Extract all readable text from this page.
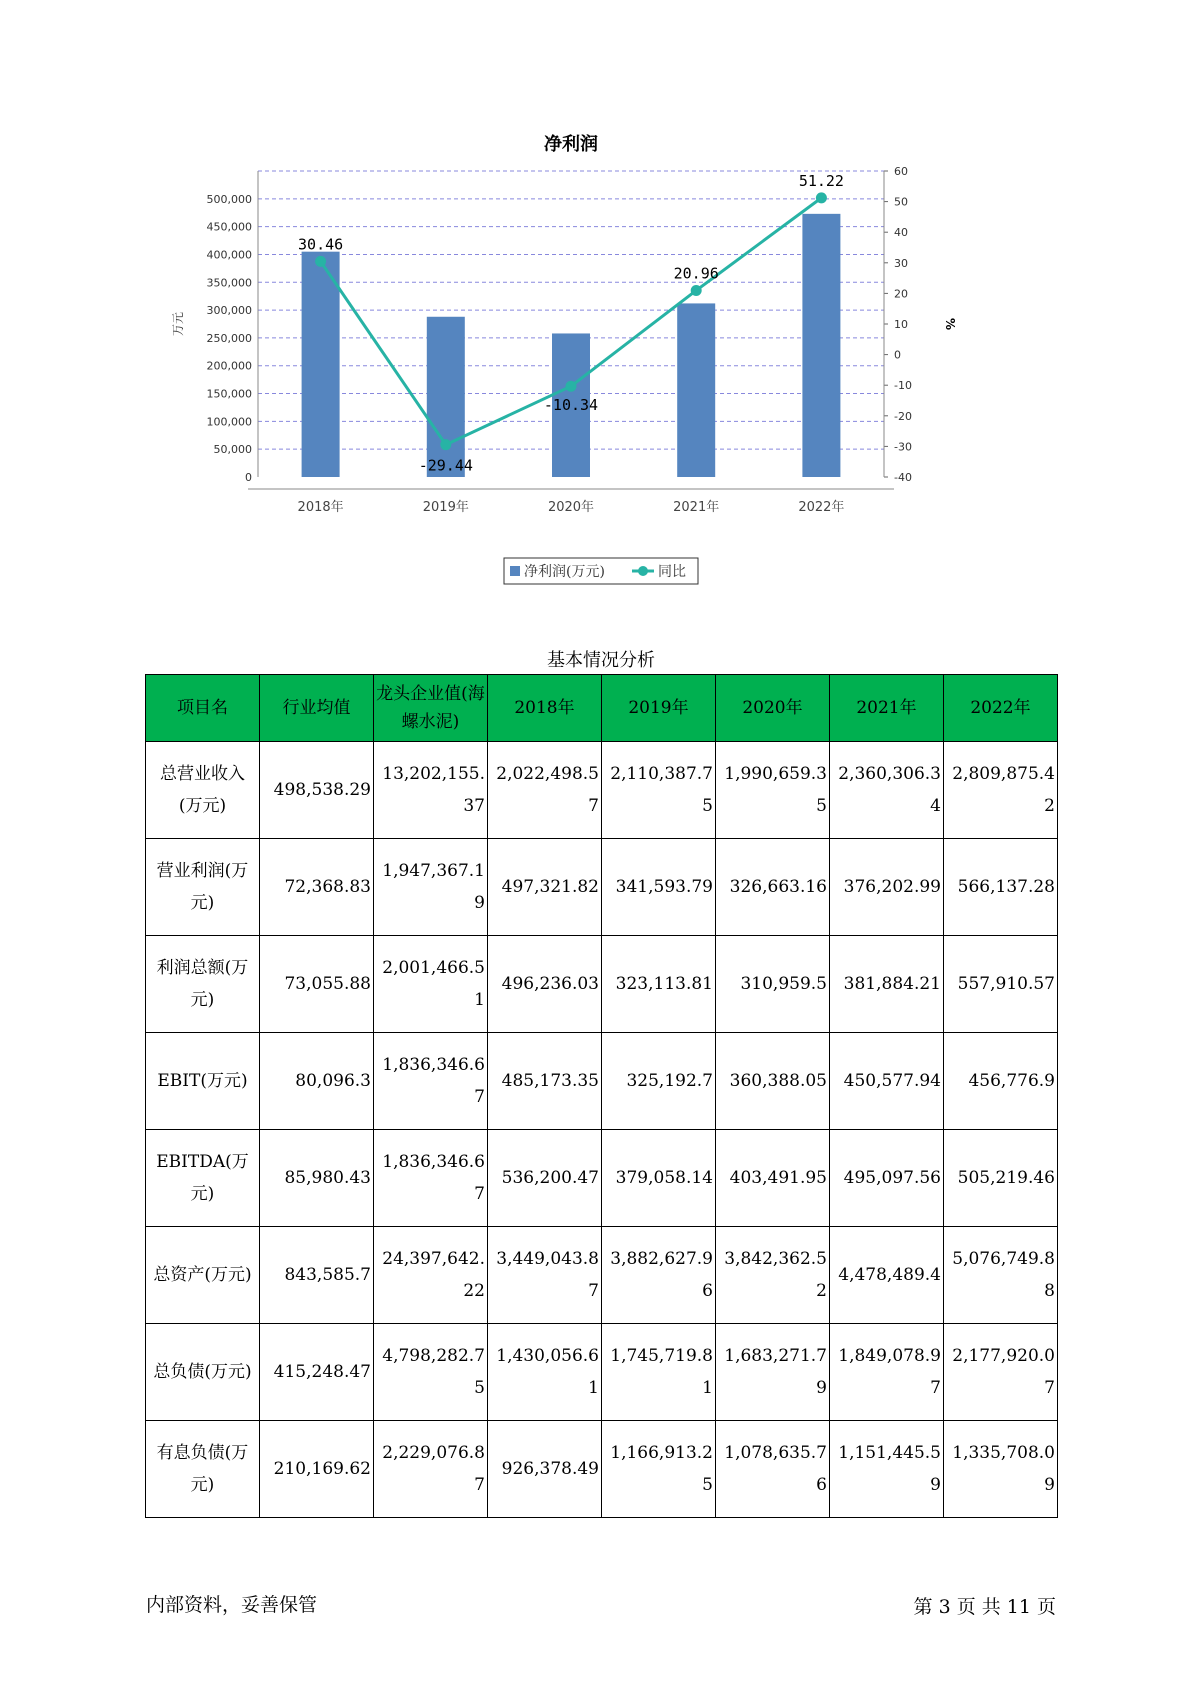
净利润
0
50,000
100,000
150,000
200,000
250,000
300,000
350,000
400,000
450,000
500,000
-40
-30
-20
-10
0
10
20
30
40
50
60
万元	%
2018年	2019年	2020年	2021年	2022年
30.46
-29.44
-10.34
20.96
51.22
净利润(万元)	同比
基本情况分析
项目名	行业均值	龙头企业值(海螺水泥)	2018年	2019年	2020年	2021年	2022年
总营业收入(万元)	498,538.29	13,202,155.37	2,022,498.57	2,110,387.75	1,990,659.35	2,360,306.34	2,809,875.42
营业利润(万元)	72,368.83	1,947,367.19	497,321.82	341,593.79	326,663.16	376,202.99	566,137.28
利润总额(万元)	73,055.88	2,001,466.51	496,236.03	323,113.81	310,959.5	381,884.21	557,910.57
EBIT(万元)	80,096.3	1,836,346.67	485,173.35	325,192.7	360,388.05	450,577.94	456,776.9
EBITDA(万元)	85,980.43	1,836,346.67	536,200.47	379,058.14	403,491.95	495,097.56	505,219.46
总资产(万元)	843,585.7	24,397,642.22	3,449,043.87	3,882,627.96	3,842,362.52	4,478,489.4	5,076,749.88
总负债(万元)	415,248.47	4,798,282.75	1,430,056.61	1,745,719.81	1,683,271.79	1,849,078.97	2,177,920.07
有息负债(万元)	210,169.62	2,229,076.87	926,378.49	1,166,913.25	1,078,635.76	1,151,445.59	1,335,708.09
内部资料，妥善保管	第 3 页 共 11 页
